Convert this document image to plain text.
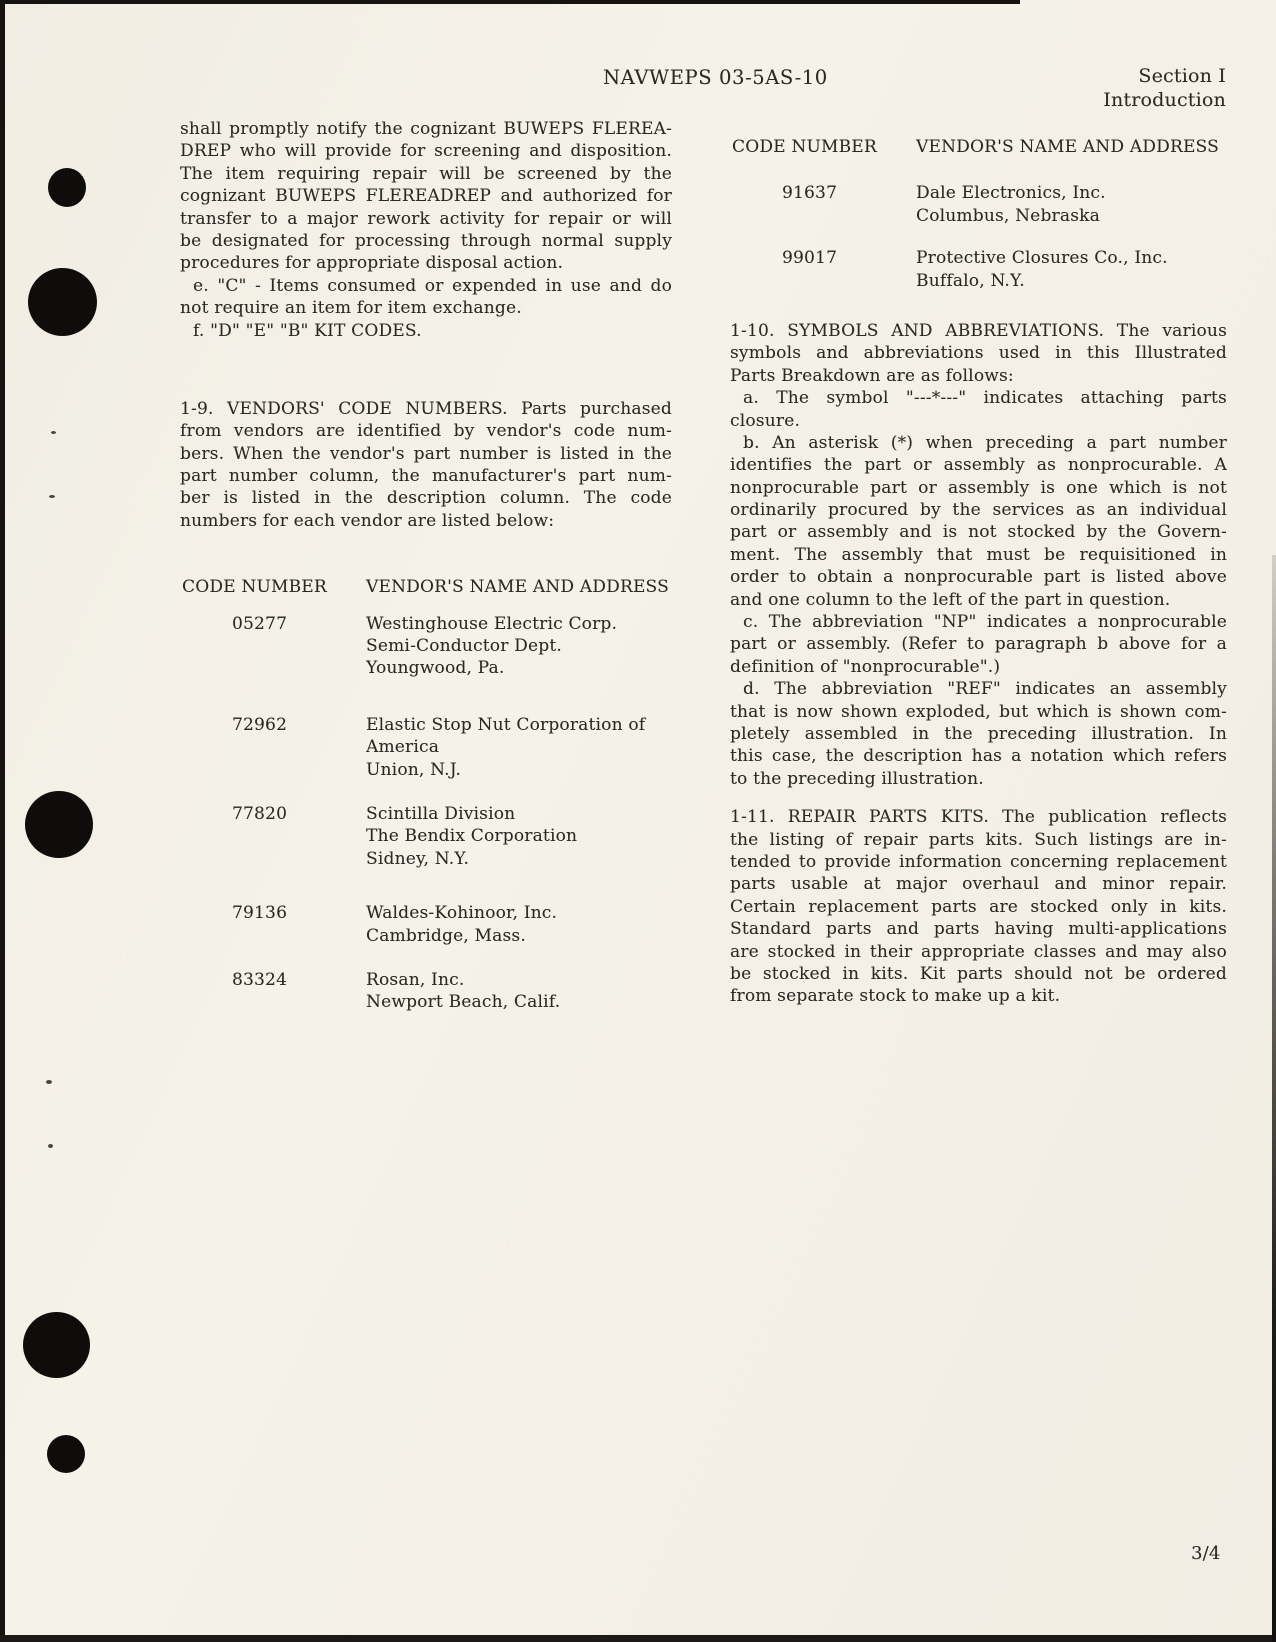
NAVWEPS 03-5AS-10	Section I
Introduction
shall promptly notify the cognizant BUWEPS FLEREA-
DREP who will provide for screening and disposition.
The item requiring repair will be screened by the
cognizant BUWEPS FLEREADREP and authorized for
transfer to a major rework activity for repair or will
be designated for processing through normal supply
procedures for appropriate disposal action.
e. "C" - Items consumed or expended in use and do
not require an item for item exchange.
f. "D" "E" "B" KIT CODES.
1-9. VENDORS' CODE NUMBERS. Parts purchased
from vendors are identified by vendor's code num-
bers. When the vendor's part number is listed in the
part number column, the manufacturer's part num-
ber is listed in the description column. The code
numbers for each vendor are listed below:
CODE NUMBER VENDOR'S NAME AND ADDRESS
05277	Westinghouse Electric Corp.
Semi-Conductor Dept.
Youngwood, Pa.
72962	Elastic Stop Nut Corporation of
America
Union, N.J.
77820	Scintilla Division
The Bendix Corporation
Sidney, N.Y.
79136	Waldes-Kohinoor, Inc.
Cambridge, Mass.
83324	Rosan, Inc.
Newport Beach, Calif.
CODE NUMBER VENDOR'S NAME AND ADDRESS
91637	Dale Electronics, Inc.
Columbus, Nebraska
99017	Protective Closures Co., Inc.
Buffalo, N.Y.
1-10. SYMBOLS AND ABBREVIATIONS. The various
symbols and abbreviations used in this Illustrated
Parts Breakdown are as follows:
a. The symbol "---*---" indicates attaching parts
closure.
b. An asterisk (*) when preceding a part number
identifies the part or assembly as nonprocurable. A
nonprocurable part or assembly is one which is not
ordinarily procured by the services as an individual
part or assembly and is not stocked by the Govern-
ment. The assembly that must be requisitioned in
order to obtain a nonprocurable part is listed above
and one column to the left of the part in question.
c. The abbreviation "NP" indicates a nonprocurable
part or assembly. (Refer to paragraph b above for a
definition of "nonprocurable".)
d. The abbreviation "REF" indicates an assembly
that is now shown exploded, but which is shown com-
pletely assembled in the preceding illustration. In
this case, the description has a notation which refers
to the preceding illustration.
1-11. REPAIR PARTS KITS. The publication reflects
the listing of repair parts kits. Such listings are in-
tended to provide information concerning replacement
parts usable at major overhaul and minor repair.
Certain replacement parts are stocked only in kits.
Standard parts and parts having multi-applications
are stocked in their appropriate classes and may also
be stocked in kits. Kit parts should not be ordered
from separate stock to make up a kit.
3/4
